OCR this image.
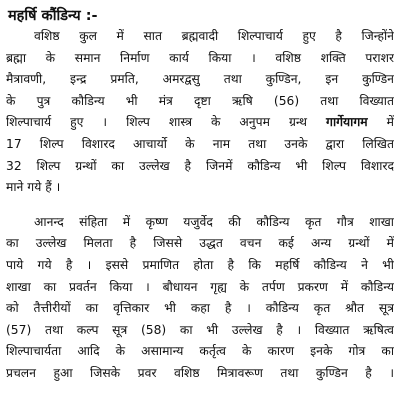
महर्षि कौंडिन्य :-
वशिष्ठ कुल में सात ब्रह्मवादी शिल्पाचार्य हुए है जिन्होंने
ब्रह्मा के समान निर्माण कार्य किया । वशिष्ठ शक्ति पराशर
मैत्रावणी, इन्द्र प्रमति, अमरद्वसु तथा कुण्डिन, इन कुण्डिन
के पुत्र कौडिन्य भी मंत्र दृष्टा ऋषि (56) तथा विख्यात
शिल्पाचार्य हुए । शिल्प शास्त्र के अनुपम ग्रन्थ गार्गेयागम में
17 शिल्प विशारद आचार्यो के नाम तथा उनके द्वारा लिखित
32 शिल्प ग्रन्थों का उल्लेख है जिनमें कौडिन्य भी शिल्प विशारद
माने गये हैं ।
आनन्द संहिता में कृष्ण यजुर्वेद की कौडिन्य कृत गौत्र शाखा
का उल्लेख मिलता है जिससे उद्धत वचन कई अन्य ग्रन्थों में
पाये गये है । इससे प्रमाणित होता है कि महर्षि कौडिन्य ने भी
शाखा का प्रवर्तन किया । बौधायन गृह्य के तर्पण प्रकरण में कौडिन्य
को तैत्तीरीयों का वृत्तिकार भी कहा है । कौडिन्य कृत श्रौत सूत्र
(57) तथा कल्प सूत्र (58) का भी उल्लेख है । विख्यात ऋषित्व
शिल्पाचार्यता आदि के असामान्य कर्तृत्व के कारण इनके गोत्र का
प्रचलन हुआ जिसके प्रवर वशिष्ठ मित्रावरूण तथा कुण्डिन है ।
